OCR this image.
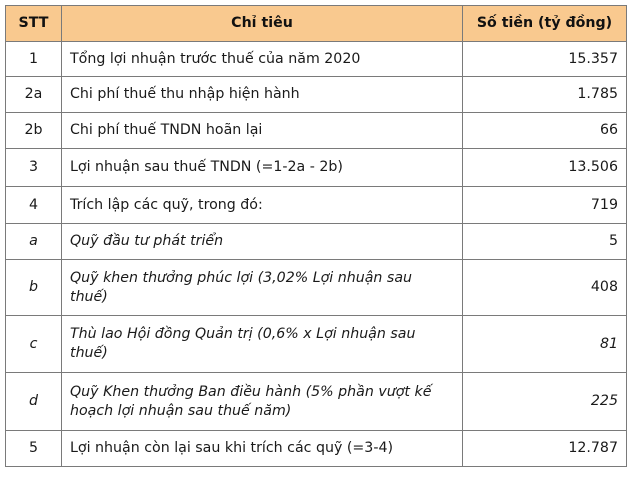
STT	Chỉ tiêu	Số tiền (tỷ đồng)
1	Tổng lợi nhuận trước thuế của năm 2020	15.357
2a	Chi phí thuế thu nhập hiện hành	1.785
2b	Chi phí thuế TNDN hoãn lại	66
3	Lợi nhuận sau thuế TNDN (=1-2a - 2b)	13.506
4	Trích lập các quỹ, trong đó:	719
a	Quỹ đầu tư phát triển	5
b	Quỹ khen thưởng phúc lợi (3,02% Lợi nhuận sau thuế)	408
c	Thù lao Hội đồng Quản trị (0,6% x Lợi nhuận sau thuế)	81
d	Quỹ Khen thưởng Ban điều hành (5% phần vượt kế hoạch lợi nhuận sau thuế năm)	225
5	Lợi nhuận còn lại sau khi trích các quỹ (=3-4)	12.787
